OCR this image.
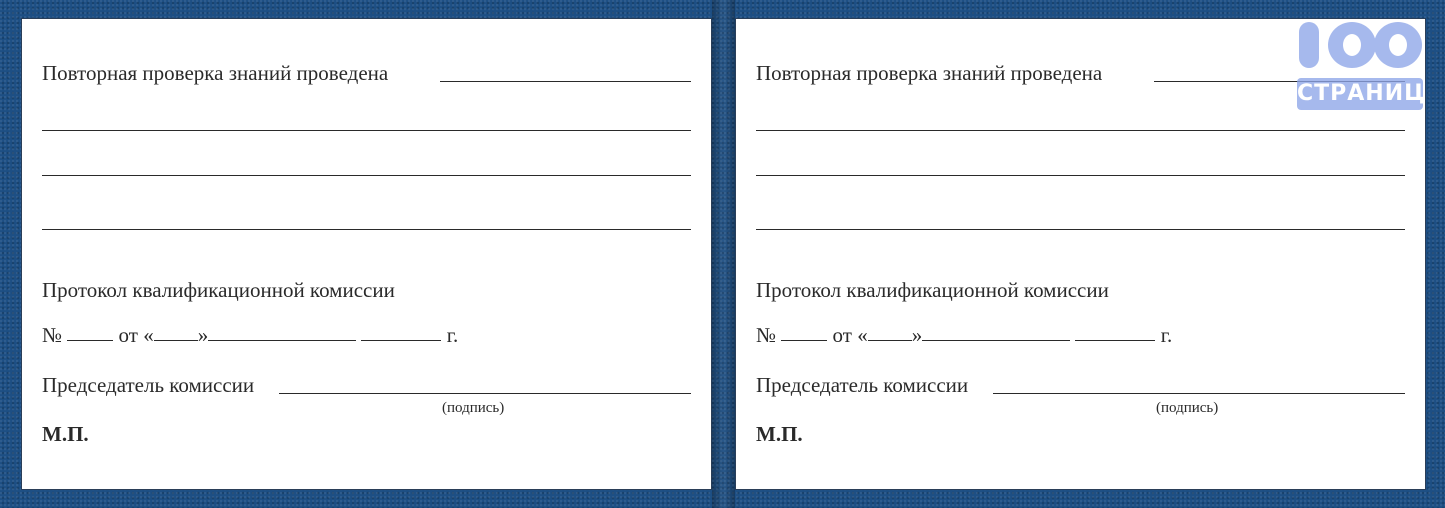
Повторная проверка знаний проведена
Протокол квалификационной комиссии
№	от « »	г.
Председатель комиссии
(подпись)
М.П.
Повторная проверка знаний проведена
Протокол квалификационной комиссии
№	от « »	г.
Председатель комиссии
(подпись)
М.П.
СТРАНИЦ
